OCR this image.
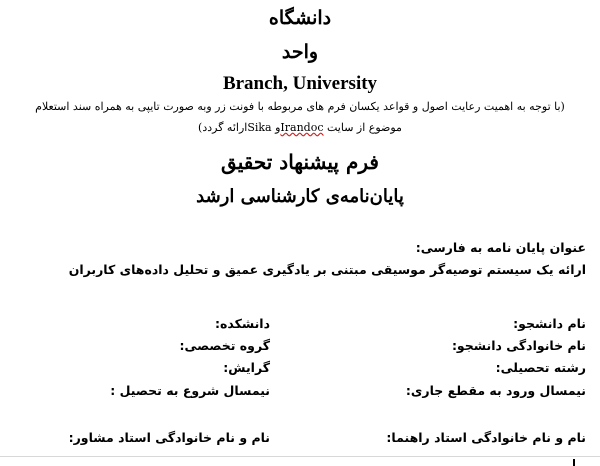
دانشگاه
واحد
Branch, University
(با توجه به اهمیت رعایت اصول و قواعد یکسان فرم های مربوطه با فونت زر وبه صورت تایپی به همراه سند استعلام
موضوع از سایت Irandocو Sikaارائه گردد)
فرم پیشنهاد تحقیق
پایان‌نامه‌ی کارشناسی ارشد
عنوان پایان نامه به فارسی:
ارائه یک سیستم توصیه‌گر موسیقی مبتنی بر یادگیری عمیق و تحلیل داده‌های کاربران
نام دانشجو:
دانشکده:
نام خانوادگی دانشجو:
گروه تخصصی:
رشته تحصیلی:
گرایش:
نیمسال ورود به مقطع جاری:
نیمسال شروع به تحصیل :
نام و نام خانوادگی استاد راهنما:
نام و نام خانوادگی استاد مشاور:
